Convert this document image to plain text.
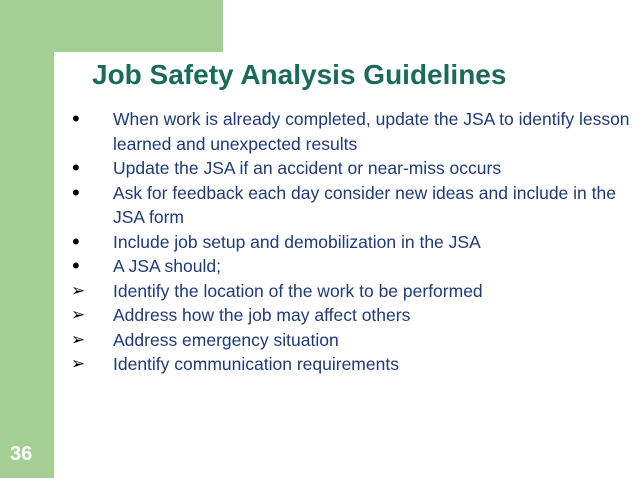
Job Safety Analysis Guidelines
• When work is already completed, update the JSA to identify lesson learned and unexpected results
• Update the JSA if an accident or near-miss occurs
• Ask for feedback each day consider new ideas and include in the JSA form
• Include job setup and demobilization in the JSA
• A JSA should;
➢ Identify the location of the work to be performed
➢ Address how the job may affect others
➢ Address emergency situation
➢ Identify communication requirements
36
